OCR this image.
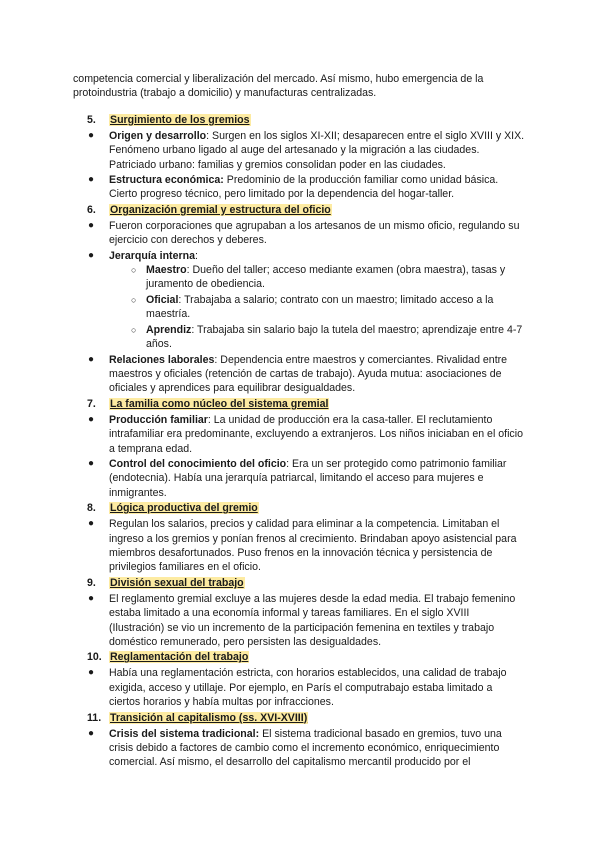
competencia comercial y liberalización del mercado. Así mismo, hubo emergencia de la protoindustria (trabajo a domicilio) y manufacturas centralizadas.

5. Surgimiento de los gremios
● Origen y desarrollo: Surgen en los siglos XI-XII; desaparecen entre el siglo XVIII y XIX. Fenómeno urbano ligado al auge del artesanado y la migración a las ciudades. Patriciado urbano: familias y gremios consolidan poder en las ciudades.
● Estructura económica: Predominio de la producción familiar como unidad básica. Cierto progreso técnico, pero limitado por la dependencia del hogar-taller.
6. Organización gremial y estructura del oficio
● Fueron corporaciones que agrupaban a los artesanos de un mismo oficio, regulando su ejercicio con derechos y deberes.
● Jerarquía interna:
○ Maestro: Dueño del taller; acceso mediante examen (obra maestra), tasas y juramento de obediencia.
○ Oficial: Trabajaba a salario; contrato con un maestro; limitado acceso a la maestría.
○ Aprendiz: Trabajaba sin salario bajo la tutela del maestro; aprendizaje entre 4-7 años.
● Relaciones laborales: Dependencia entre maestros y comerciantes. Rivalidad entre maestros y oficiales (retención de cartas de trabajo). Ayuda mutua: asociaciones de oficiales y aprendices para equilibrar desigualdades.
7. La familia como núcleo del sistema gremial
● Producción familiar: La unidad de producción era la casa-taller. El reclutamiento intrafamiliar era predominante, excluyendo a extranjeros. Los niños iniciaban en el oficio a temprana edad.
● Control del conocimiento del oficio: Era un ser protegido como patrimonio familiar (endotecnia). Había una jerarquía patriarcal, limitando el acceso para mujeres e inmigrantes.
8. Lógica productiva del gremio
● Regulan los salarios, precios y calidad para eliminar a la competencia. Limitaban el ingreso a los gremios y ponían frenos al crecimiento. Brindaban apoyo asistencial para miembros desafortunados. Puso frenos en la innovación técnica y persistencia de privilegios familiares en el oficio.
9. División sexual del trabajo
● El reglamento gremial excluye a las mujeres desde la edad media. El trabajo femenino estaba limitado a una economía informal y tareas familiares. En el siglo XVIII (Ilustración) se vio un incremento de la participación femenina en textiles y trabajo doméstico remunerado, pero persisten las desigualdades.
10. Reglamentación del trabajo
● Había una reglamentación estricta, con horarios establecidos, una calidad de trabajo exigida, acceso y utillaje. Por ejemplo, en París el computrabajo estaba limitado a ciertos horarios y había multas por infracciones.
11. Transición al capitalismo (ss. XVI-XVIII)
● Crisis del sistema tradicional: El sistema tradicional basado en gremios, tuvo una crisis debido a factores de cambio como el incremento económico, enriquecimiento comercial. Así mismo, el desarrollo del capitalismo mercantil producido por el
